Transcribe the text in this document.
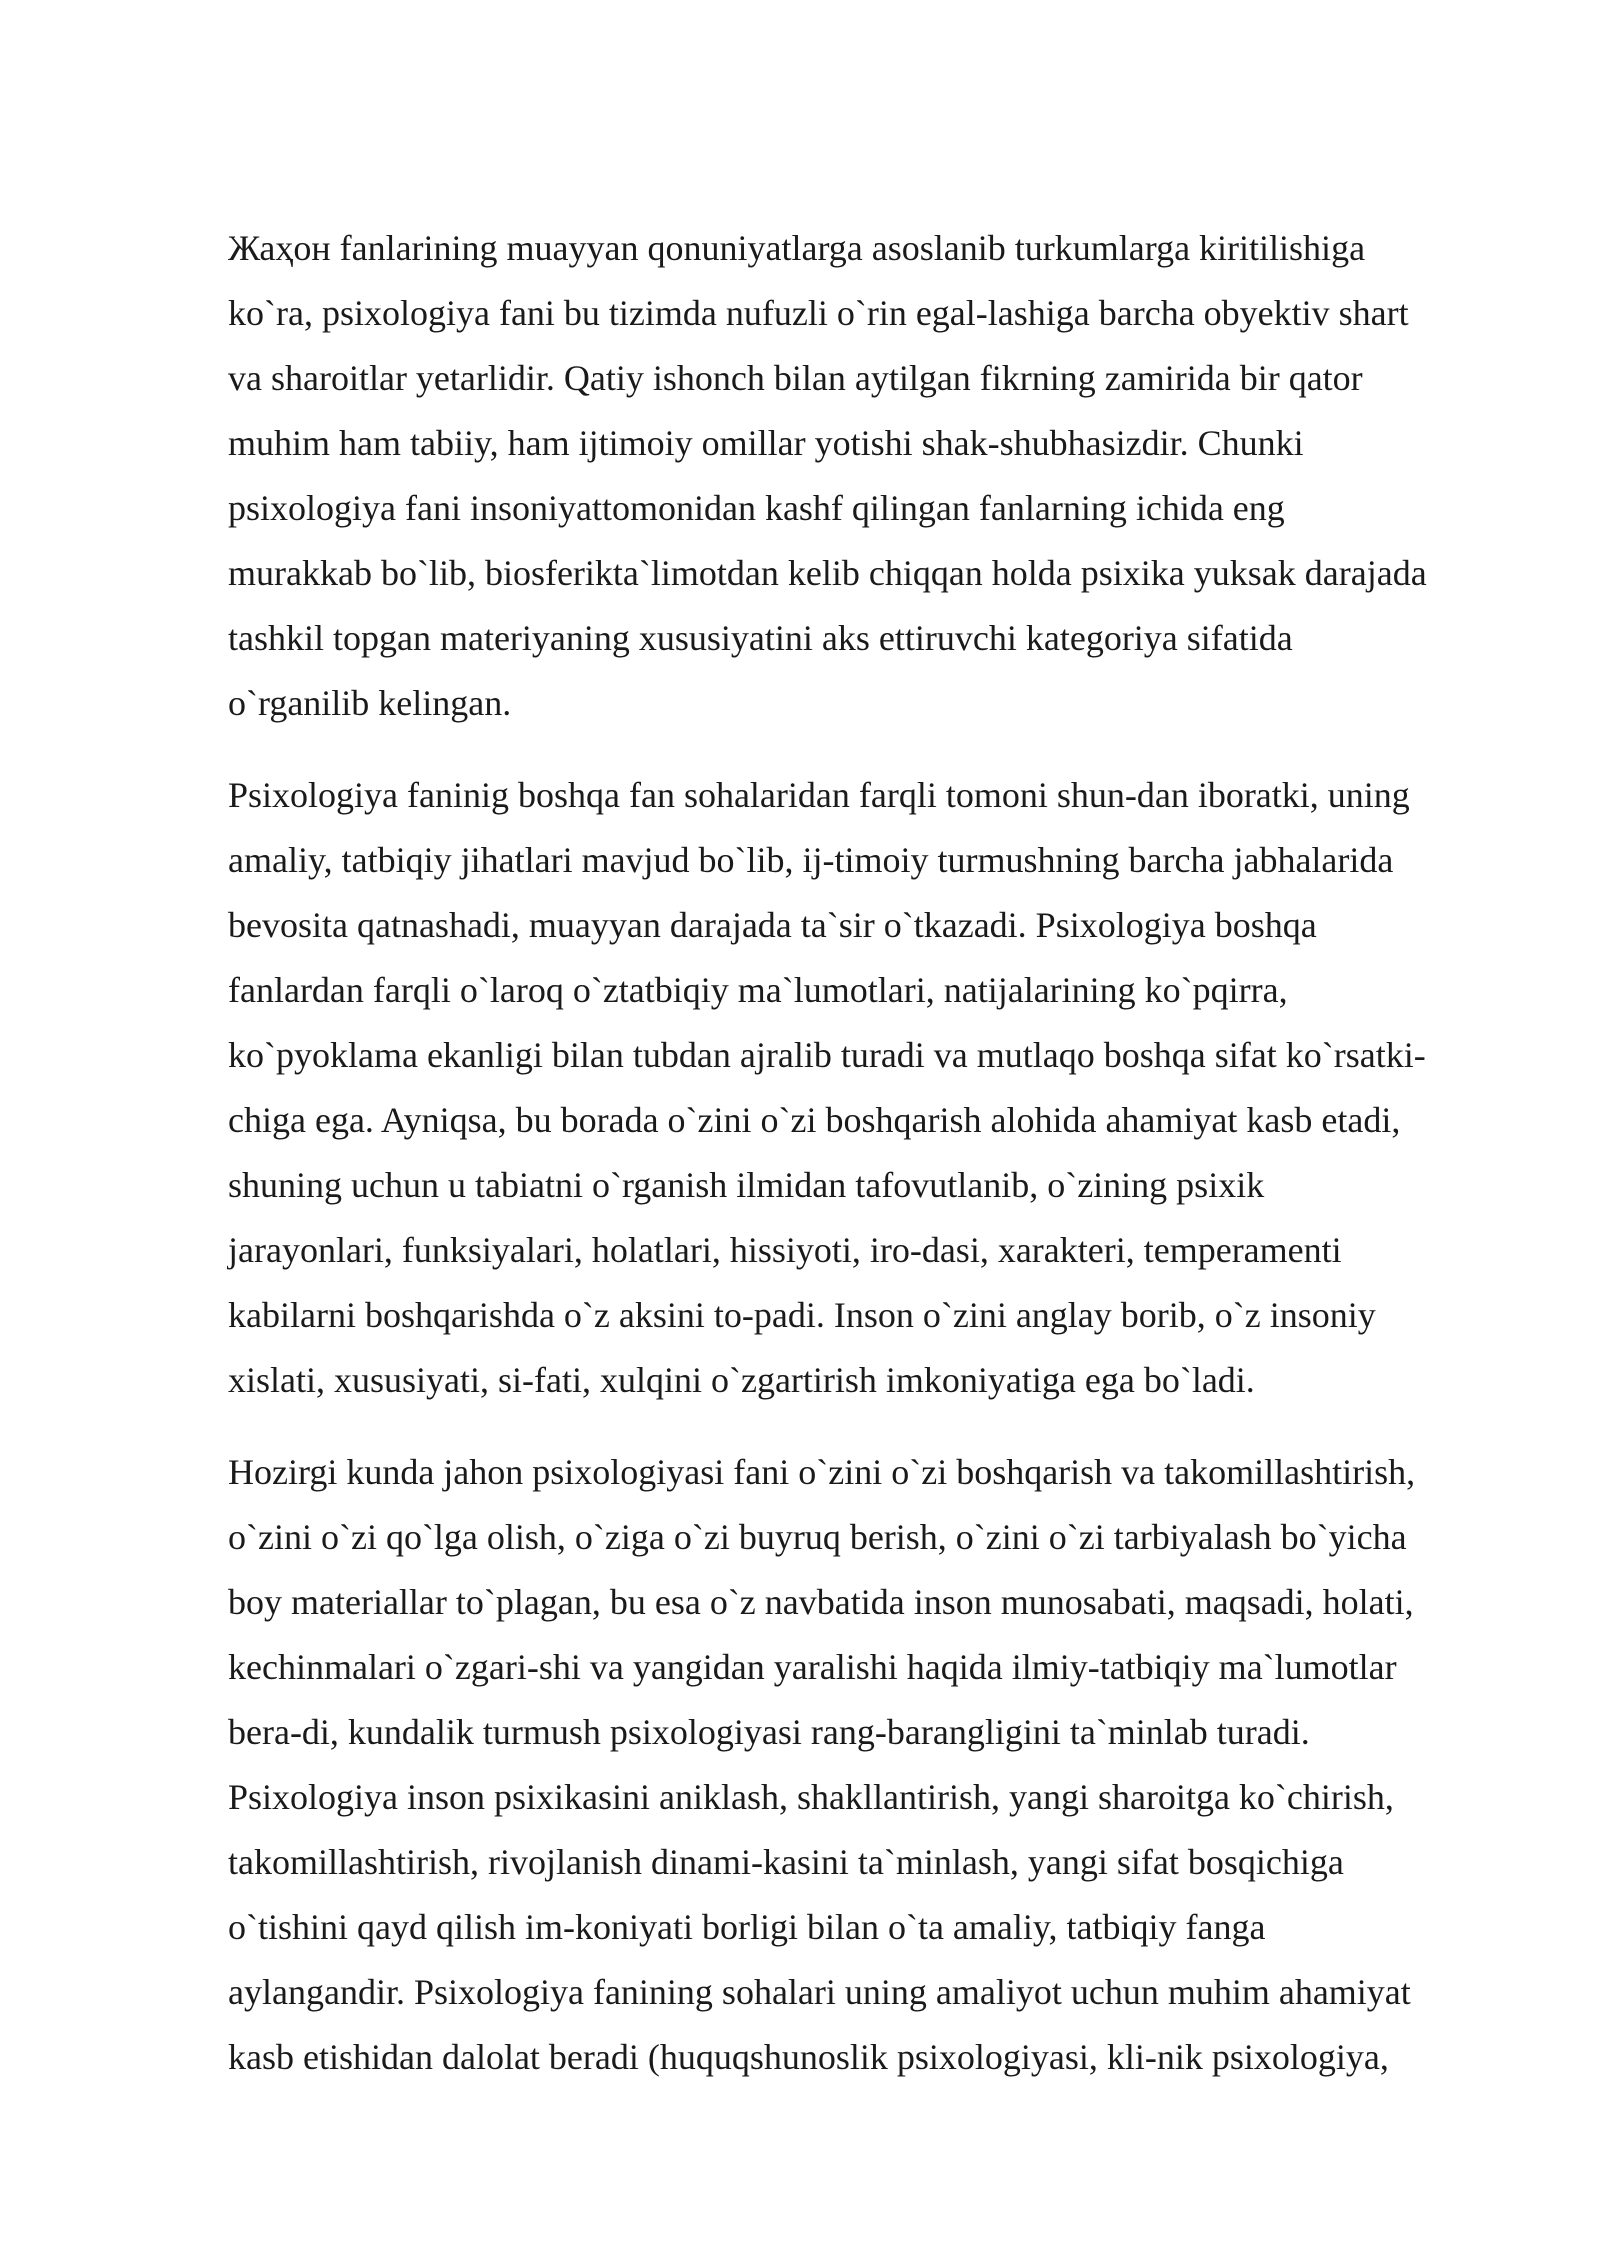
Жаҳон fanlarining muayyan qonuniyatlarga asoslanib turkumlarga kiritilishiga
ko`ra, psixologiya fani bu tizimda nufuzli o`rin egal-lashiga barcha obyektiv shart
va sharoitlar yetarlidir. Qatiy ishonch bilan aytilgan fikrning zamirida bir qator
muhim ham tabiiy, ham ijtimoiy omillar yotishi shak-shubhasizdir. Chunki
psixologiya fani insoniyattomonidan kashf qilingan fanlarning ichida eng
murakkab bo`lib, biosferikta`limotdan kelib chiqqan holda psixika yuksak darajada
tashkil topgan materiyaning xususiyatini aks ettiruvchi kategoriya sifatida
o`rganilib kelingan.

Psixologiya faninig boshqa fan sohalaridan farqli tomoni shun-dan iboratki, uning
amaliy, tatbiqiy jihatlari mavjud bo`lib, ij-timoiy turmushning barcha jabhalarida
bevosita qatnashadi, muayyan darajada ta`sir o`tkazadi. Psixologiya boshqa
fanlardan farqli o`laroq o`ztatbiqiy ma`lumotlari, natijalarining ko`pqirra,
ko`pyoklama ekanligi bilan tubdan ajralib turadi va mutlaqo boshqa sifat ko`rsatki-
chiga ega. Ayniqsa, bu borada o`zini o`zi boshqarish alohida ahamiyat kasb etadi,
shuning uchun u tabiatni o`rganish ilmidan tafovutlanib, o`zining psixik
jarayonlari, funksiyalari, holatlari, hissiyoti, iro-dasi, xarakteri, temperamenti
kabilarni boshqarishda o`z aksini to-padi. Inson o`zini anglay borib, o`z insoniy
xislati, xususiyati, si-fati, xulqini o`zgartirish imkoniyatiga ega bo`ladi.

Hozirgi kunda jahon psixologiyasi fani o`zini o`zi boshqarish va takomillashtirish,
o`zini o`zi qo`lga olish, o`ziga o`zi buyruq berish, o`zini o`zi tarbiyalash bo`yicha
boy materiallar to`plagan, bu esa o`z navbatida inson munosabati, maqsadi, holati,
kechinmalari o`zgari-shi va yangidan yaralishi haqida ilmiy-tatbiqiy ma`lumotlar
bera-di, kundalik turmush psixologiyasi rang-barangligini ta`minlab turadi.
Psixologiya inson psixikasini aniklash, shakllantirish, yangi sharoitga ko`chirish,
takomillashtirish, rivojlanish dinami-kasini ta`minlash, yangi sifat bosqichiga
o`tishini qayd qilish im-koniyati borligi bilan o`ta amaliy, tatbiqiy fanga
aylangandir. Psixologiya fanining sohalari uning amaliyot uchun muhim ahamiyat
kasb etishidan dalolat beradi (huquqshunoslik psixologiyasi, kli-nik psixologiya,
